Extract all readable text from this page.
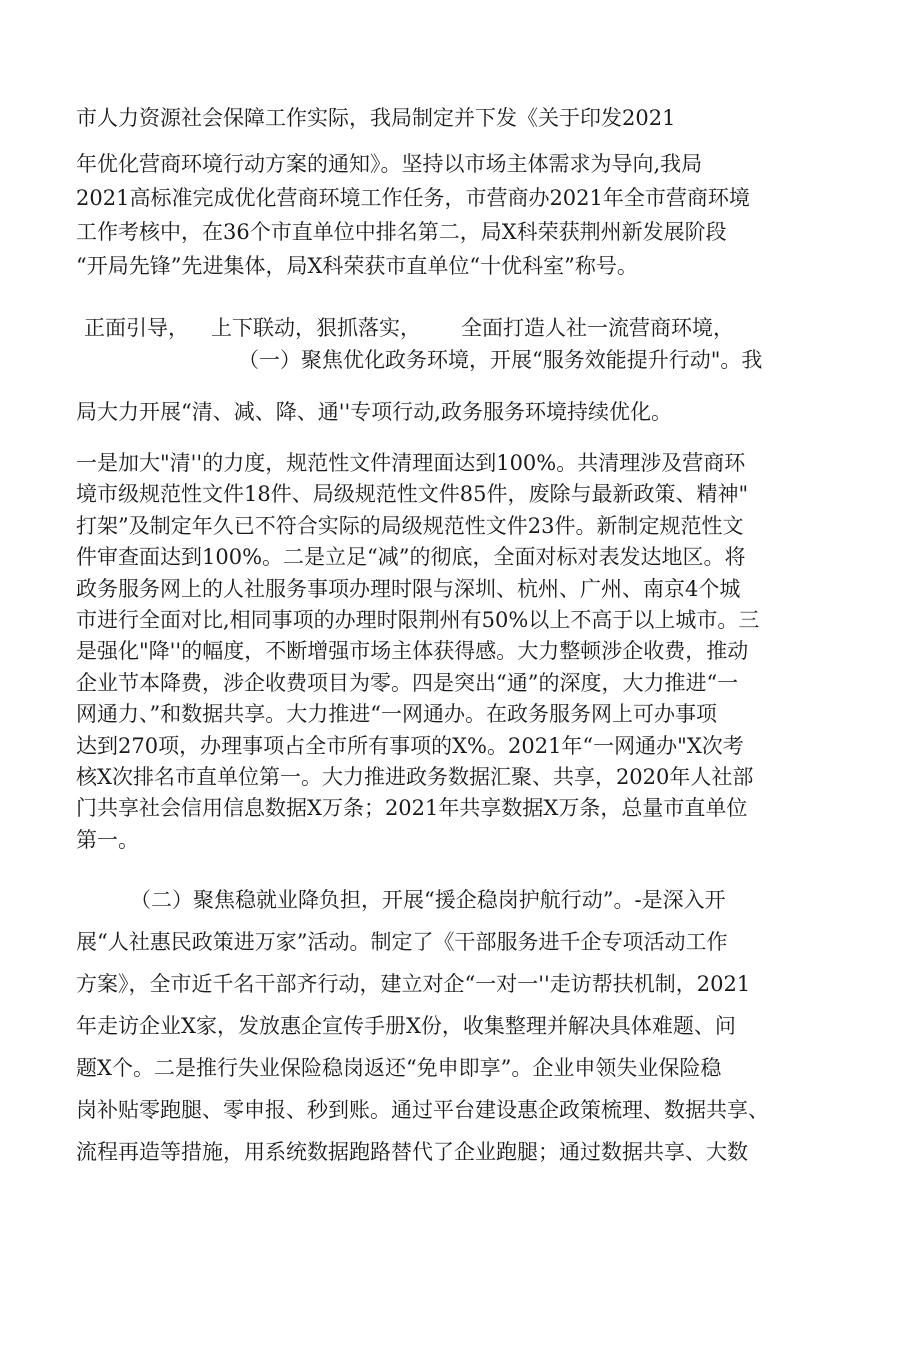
市人力资源社会保障工作实际，我局制定并下发《关于印发2021
年优化营商环境行动方案的通知》。坚持以市场主体需求为导向,我局
2021高标准完成优化营商环境工作任务，市营商办2021年全市营商环境
工作考核中，在36个市直单位中排名第二，局X科荣获荆州新发展阶段
“开局先锋”先进集体，局X科荣获市直单位“十优科室”称号。
正面引导， 上下联动，狠抓落实， 全面打造人社一流营商环境，
（一）聚焦优化政务环境，开展“服务效能提升行动"。我
局大力开展“清、减、降、通''专项行动,政务服务环境持续优化。
一是加大"清''的力度，规范性文件清理面达到100%。共清理涉及营商环
境市级规范性文件18件、局级规范性文件85件，废除与最新政策、精神"
打架”及制定年久已不符合实际的局级规范性文件23件。新制定规范性文
件审查面达到100%。二是立足“减”的彻底，全面对标对表发达地区。将
政务服务网上的人社服务事项办理时限与深圳、杭州、广州、南京4个城
市进行全面对比,相同事项的办理时限荆州有50%以上不高于以上城市。三
是强化"降''的幅度，不断增强市场主体获得感。大力整顿涉企收费，推动
企业节本降费，涉企收费项目为零。四是突出“通”的深度，大力推进“一
网通力、”和数据共享。大力推进“一网通办。在政务服务网上可办事项
达到270项，办理事项占全市所有事项的X%。2021年“一网通办"X次考
核X次排名市直单位第一。大力推进政务数据汇聚、共享，2020年人社部
门共享社会信用信息数据X万条；2021年共享数据X万条，总量市直单位
第一。
（二）聚焦稳就业降负担，开展“援企稳岗护航行动”。-是深入开
展“人社惠民政策进万家”活动。制定了《干部服务进千企专项活动工作
方案》，全市近千名干部齐行动，建立对企“一对一''走访帮扶机制，2021
年走访企业X家，发放惠企宣传手册X份，收集整理并解决具体难题、问
题X个。二是推行失业保险稳岗返还“免申即享”。企业申领失业保险稳
岗补贴零跑腿、零申报、秒到账。通过平台建设惠企政策梳理、数据共享、
流程再造等措施，用系统数据跑路替代了企业跑腿；通过数据共享、大数
